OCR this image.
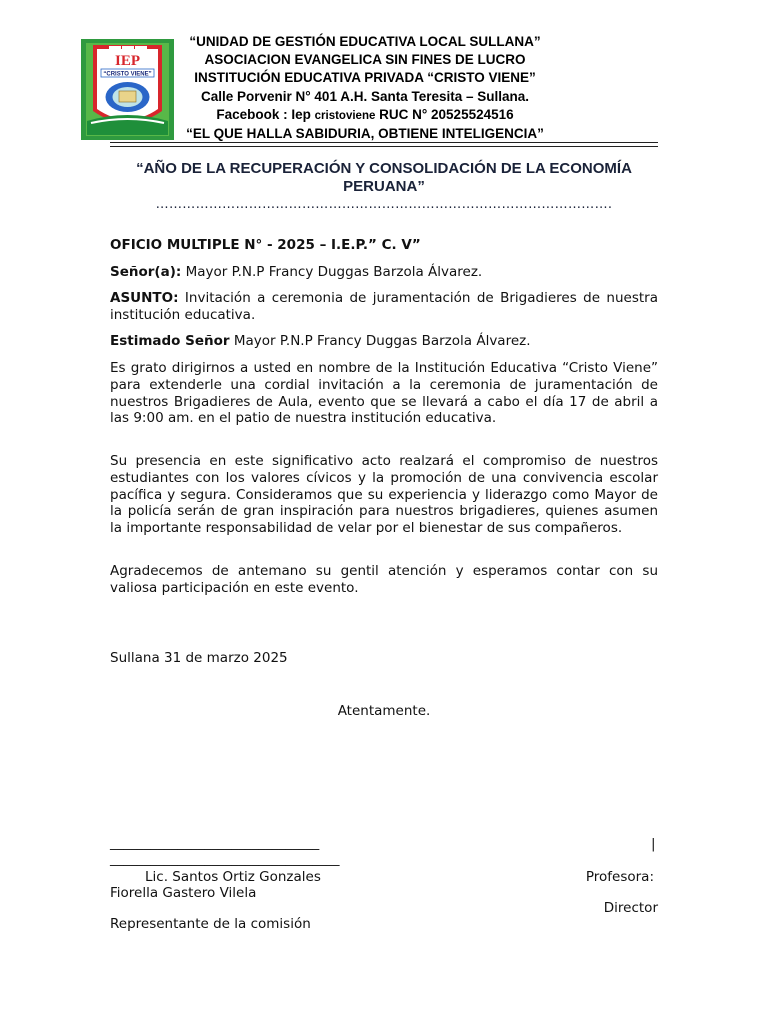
IEP
“CRISTO VIENE”
“UNIDAD DE GESTIÓN EDUCATIVA LOCAL SULLANA”
ASOCIACION EVANGELICA SIN FINES DE LUCRO
INSTITUCIÓN EDUCATIVA PRIVADA “CRISTO VIENE”
Calle Porvenir N° 401 A.H. Santa Teresita – Sullana.
Facebook : Iep cristoviene RUC N° 20525524516
“EL QUE HALLA SABIDURIA, OBTIENE INTELIGENCIA”
“AÑO DE LA RECUPERACIÓN Y CONSOLIDACIÓN DE LA ECONOMÍA PERUANA”
………………………………………………………………………………………….

OFICIO MULTIPLE N° - 2025 – I.E.P.” C. V”

Señor(a): Mayor P.N.P Francy Duggas Barzola Álvarez.

ASUNTO: Invitación a ceremonia de juramentación de Brigadieres de nuestra institución educativa.

Estimado Señor Mayor P.N.P Francy Duggas Barzola Álvarez.

Es grato dirigirnos a usted en nombre de la Institución Educativa “Cristo Viene” para extenderle una cordial invitación a la ceremonia de juramentación de nuestros Brigadieres de Aula, evento que se llevará a cabo el día 17 de abril a las 9:00 am. en el patio de nuestra institución educativa.

Su presencia en este significativo acto realzará el compromiso de nuestros estudiantes con los valores cívicos y la promoción de una convivencia escolar pacífica y segura. Consideramos que su experiencia y liderazgo como Mayor de la policía serán de gran inspiración para nuestros brigadieres, quienes asumen la importante responsabilidad de velar por el bienestar de sus compañeros.

Agradecemos de antemano su gentil atención y esperamos contar con su valiosa participación en este evento.

Sullana 31 de marzo 2025
Atentamente.
_______________________________	|
__________________________________
Lic. Santos Ortiz Gonzales	Profesora:
Fiorella Gastero Vilela
Director
Representante de la comisión
